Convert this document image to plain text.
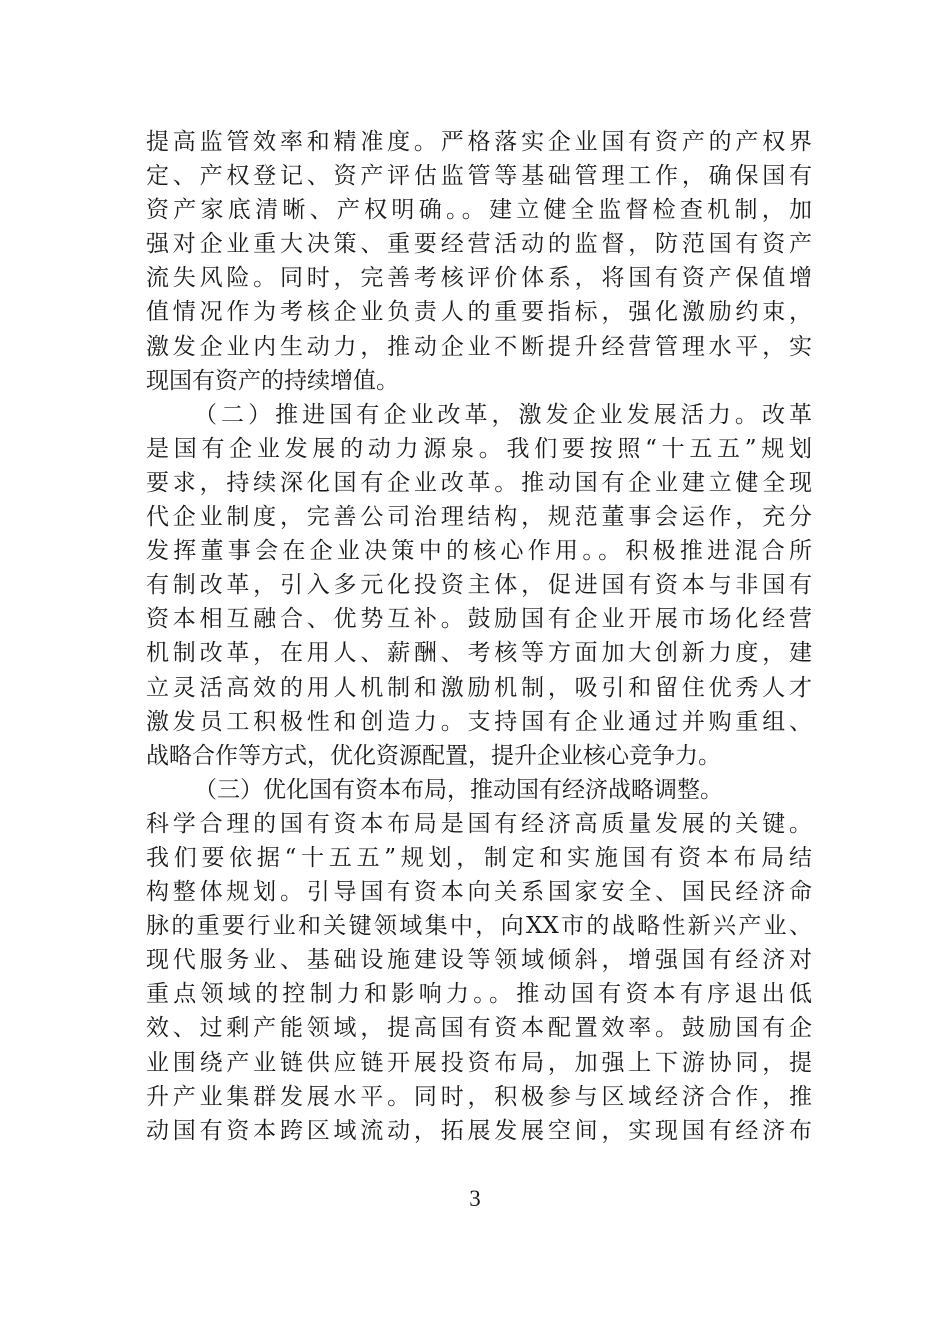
提高监管效率和精准度。严格落实企业国有资产的产权界
定、产权登记、资产评估监管等基础管理工作，确保国有
资产家底清晰、产权明确。。建立健全监督检查机制，加
强对企业重大决策、重要经营活动的监督，防范国有资产
流失风险。同时，完善考核评价体系，将国有资产保值增
值情况作为考核企业负责人的重要指标，强化激励约束，
激发企业内生动力，推动企业不断提升经营管理水平，实
现国有资产的持续增值。
（二）推进国有企业改革，激发企业发展活力。改革
是国有企业发展的动力源泉。我们要按照“十五五”规划
要求，持续深化国有企业改革。推动国有企业建立健全现
代企业制度，完善公司治理结构，规范董事会运作，充分
发挥董事会在企业决策中的核心作用。。积极推进混合所
有制改革，引入多元化投资主体，促进国有资本与非国有
资本相互融合、优势互补。鼓励国有企业开展市场化经营
机制改革，在用人、薪酬、考核等方面加大创新力度，建
立灵活高效的用人机制和激励机制，吸引和留住优秀人才
激发员工积极性和创造力。支持国有企业通过并购重组、
战略合作等方式，优化资源配置，提升企业核心竞争力。
（三）优化国有资本布局，推动国有经济战略调整。
科学合理的国有资本布局是国有经济高质量发展的关键。
我们要依据“十五五”规划，制定和实施国有资本布局结
构整体规划。引导国有资本向关系国家安全、国民经济命
脉的重要行业和关键领域集中，向XX市的战略性新兴产业、
现代服务业、基础设施建设等领域倾斜，增强国有经济对
重点领域的控制力和影响力。。推动国有资本有序退出低
效、过剩产能领域，提高国有资本配置效率。鼓励国有企
业围绕产业链供应链开展投资布局，加强上下游协同，提
升产业集群发展水平。同时，积极参与区域经济合作，推
动国有资本跨区域流动，拓展发展空间，实现国有经济布
3
